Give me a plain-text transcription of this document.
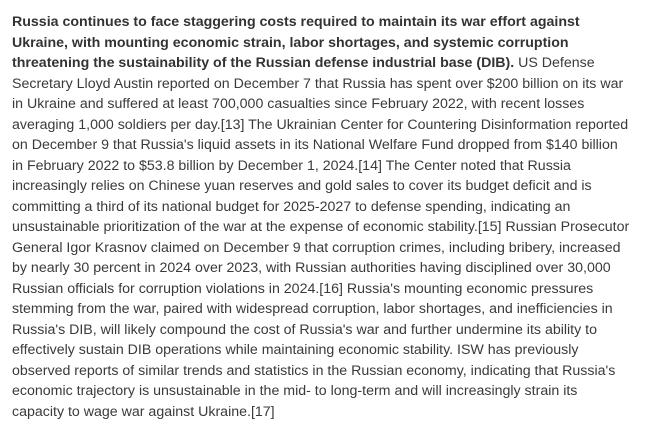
Russia continues to face staggering costs required to maintain its war effort against Ukraine, with mounting economic strain, labor shortages, and systemic corruption threatening the sustainability of the Russian defense industrial base (DIB). US Defense Secretary Lloyd Austin reported on December 7 that Russia has spent over $200 billion on its war in Ukraine and suffered at least 700,000 casualties since February 2022, with recent losses averaging 1,000 soldiers per day.[13] The Ukrainian Center for Countering Disinformation reported on December 9 that Russia's liquid assets in its National Welfare Fund dropped from $140 billion in February 2022 to $53.8 billion by December 1, 2024.[14] The Center noted that Russia increasingly relies on Chinese yuan reserves and gold sales to cover its budget deficit and is committing a third of its national budget for 2025-2027 to defense spending, indicating an unsustainable prioritization of the war at the expense of economic stability.[15] Russian Prosecutor General Igor Krasnov claimed on December 9 that corruption crimes, including bribery, increased by nearly 30 percent in 2024 over 2023, with Russian authorities having disciplined over 30,000 Russian officials for corruption violations in 2024.[16] Russia's mounting economic pressures stemming from the war, paired with widespread corruption, labor shortages, and inefficiencies in Russia's DIB, will likely compound the cost of Russia's war and further undermine its ability to effectively sustain DIB operations while maintaining economic stability. ISW has previously observed reports of similar trends and statistics in the Russian economy, indicating that Russia's economic trajectory is unsustainable in the mid- to long-term and will increasingly strain its capacity to wage war against Ukraine.[17]
